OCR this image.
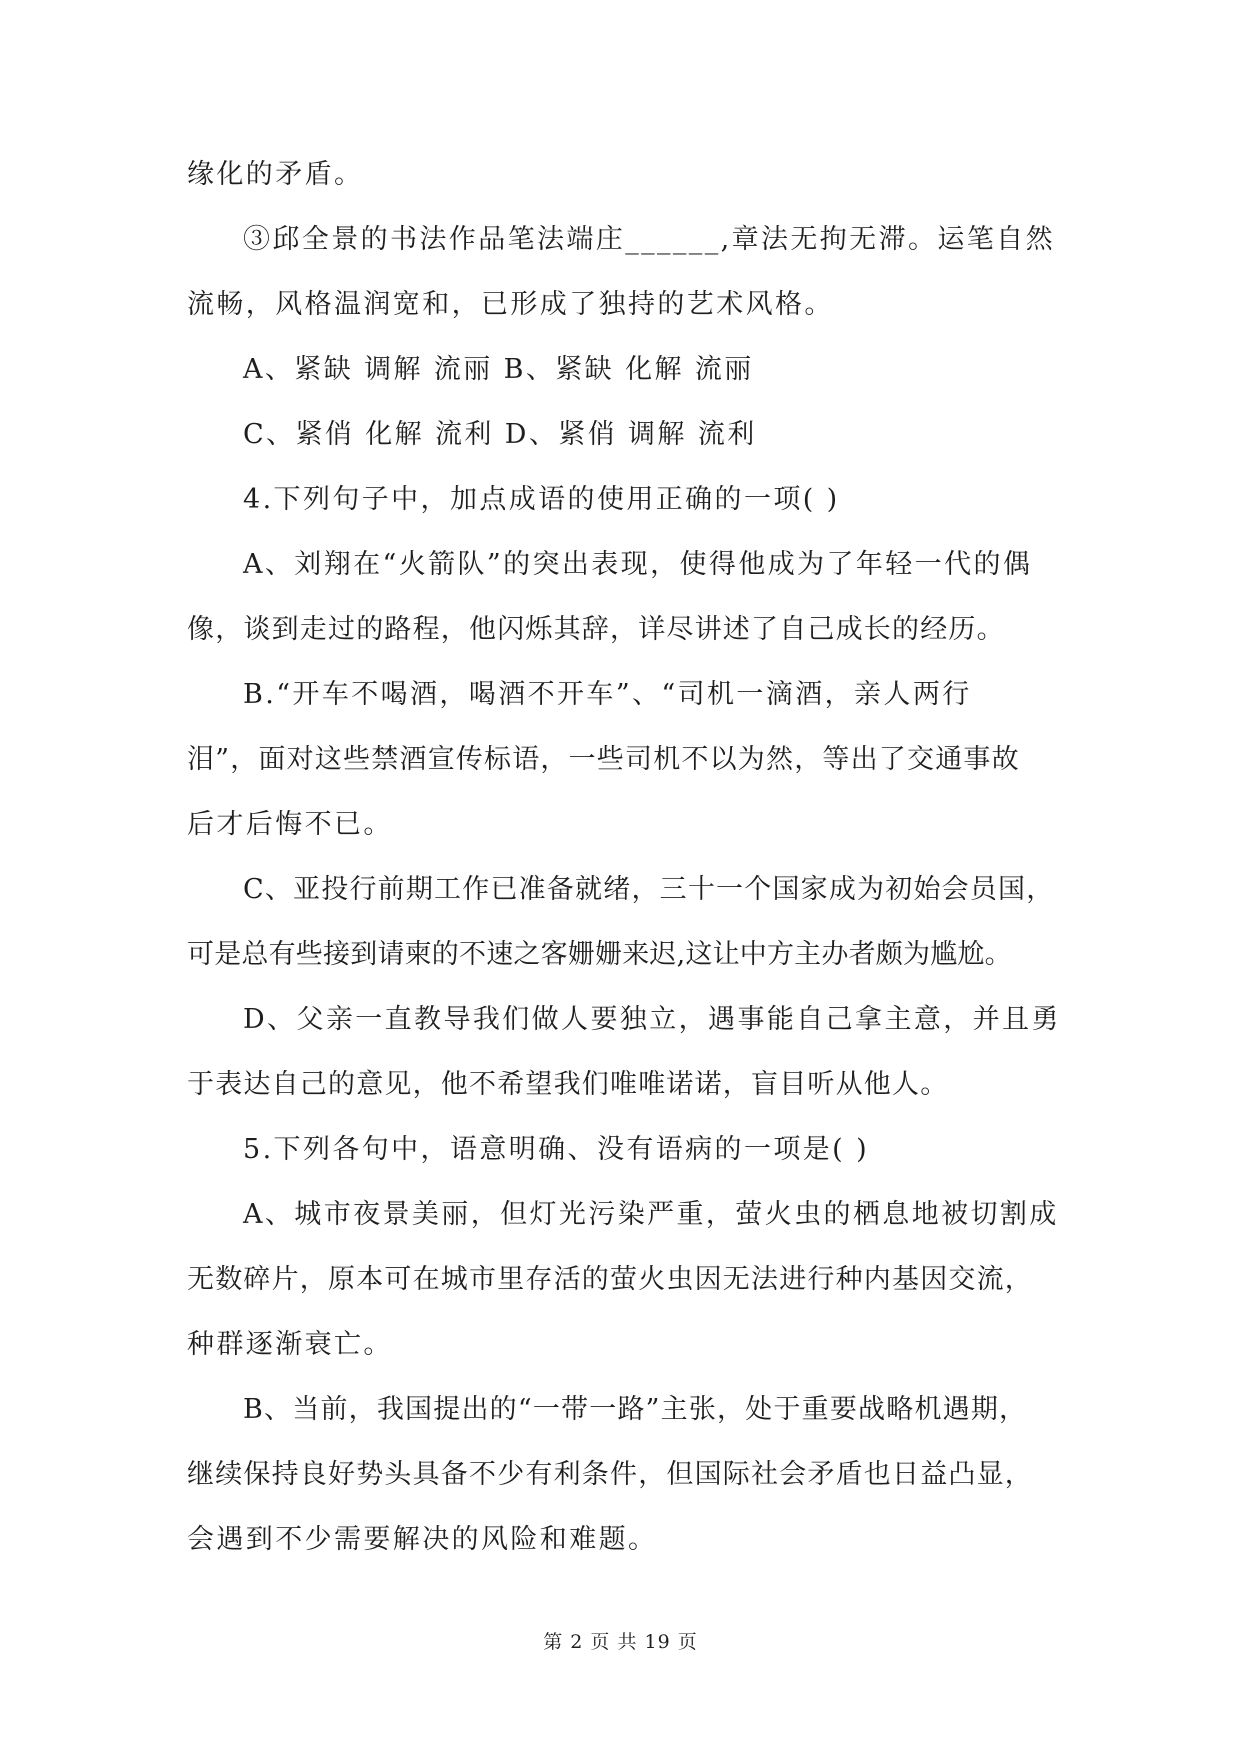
缘化的矛盾。
③邱全景的书法作品笔法端庄______,章法无拘无滞。运笔自然
流畅，风格温润宽和，已形成了独持的艺术风格。
A、紧缺 调解 流丽 B、紧缺 化解 流丽
C、紧俏 化解 流利 D、紧俏 调解 流利
4.下列句子中，加点成语的使用正确的一项( )
A、刘翔在“火箭队”的突出表现，使得他成为了年轻一代的偶
像，谈到走过的路程，他闪烁其辞，详尽讲述了自己成长的经历。
B.“开车不喝酒，喝酒不开车”、“司机一滴酒，亲人两行
泪”，面对这些禁酒宣传标语，一些司机不以为然，等出了交通事故
后才后悔不已。
C、亚投行前期工作已准备就绪，三十一个国家成为初始会员国，
可是总有些接到请柬的不速之客姗姗来迟,这让中方主办者颇为尴尬。
D、父亲一直教导我们做人要独立，遇事能自己拿主意，并且勇
于表达自己的意见，他不希望我们唯唯诺诺，盲目听从他人。
5.下列各句中，语意明确、没有语病的一项是( )
A、城市夜景美丽，但灯光污染严重，萤火虫的栖息地被切割成
无数碎片，原本可在城市里存活的萤火虫因无法进行种内基因交流，
种群逐渐衰亡。
B、当前，我国提出的“一带一路”主张，处于重要战略机遇期，
继续保持良好势头具备不少有利条件，但国际社会矛盾也日益凸显，
会遇到不少需要解决的风险和难题。
第 2 页 共 19 页
